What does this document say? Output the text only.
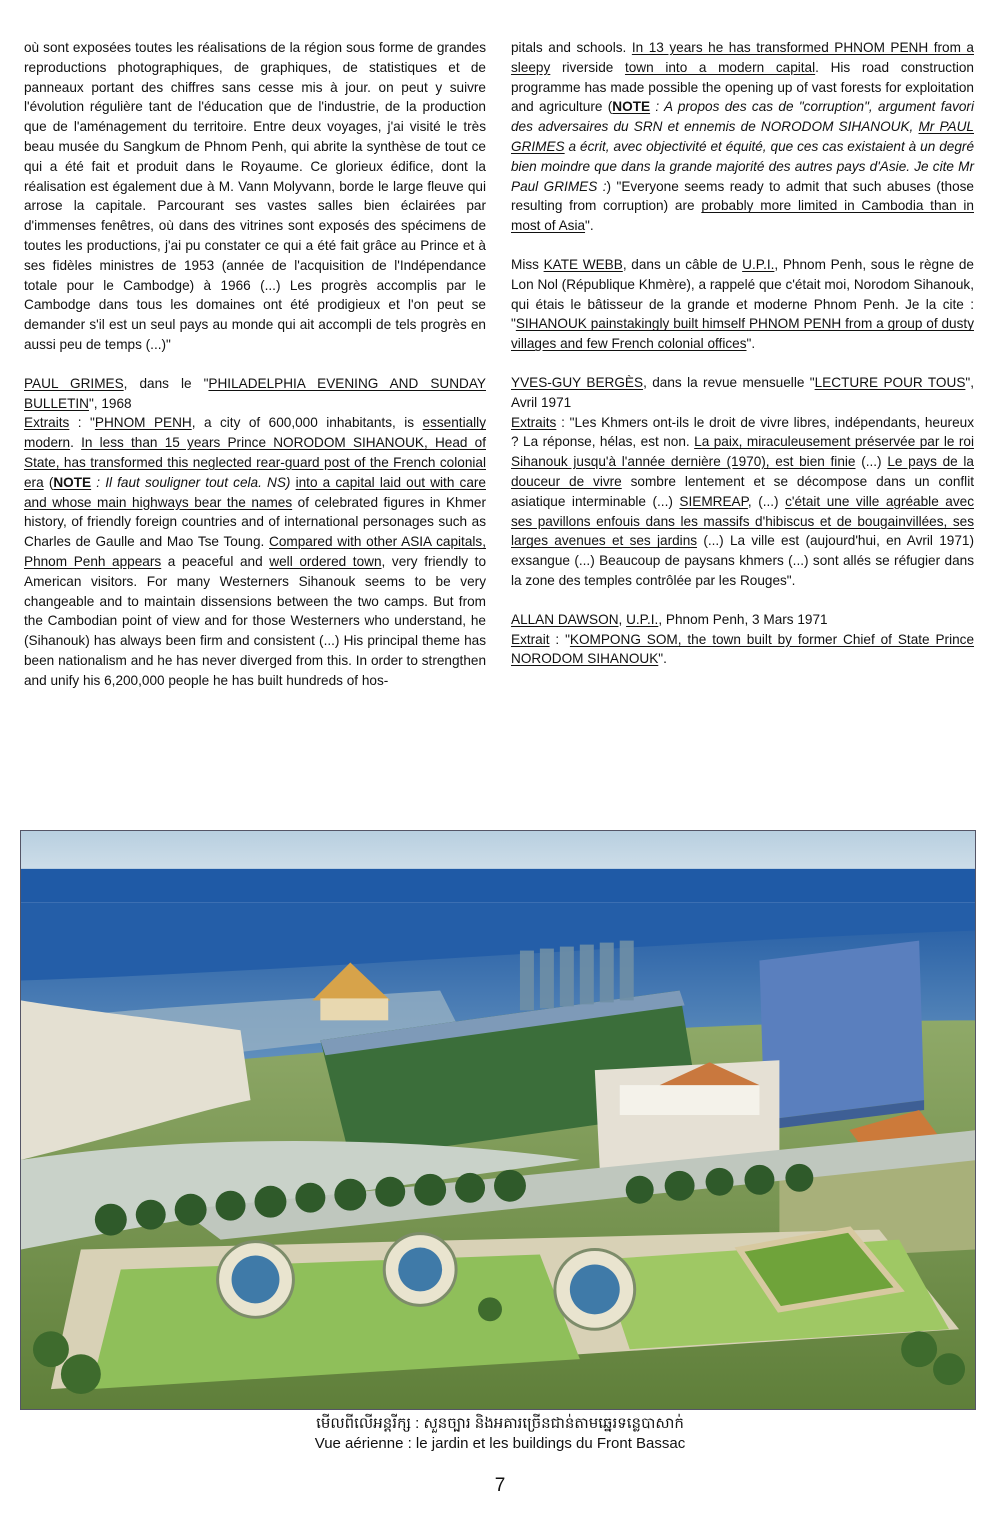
où sont exposées toutes les réalisations de la région sous forme de grandes reproductions photographiques, de graphiques, de statistiques et de panneaux portant des chiffres sans cesse mis à jour. on peut y suivre l'évolution régulière tant de l'éducation que de l'industrie, de la production que de l'aménagement du territoire. Entre deux voyages, j'ai visité le très beau musée du Sangkum de Phnom Penh, qui abrite la synthèse de tout ce qui a été fait et produit dans le Royaume. Ce glorieux édifice, dont la réalisation est également due à M. Vann Molyvann, borde le large fleuve qui arrose la capitale. Parcourant ses vastes salles bien éclairées par d'immenses fenêtres, où dans des vitrines sont exposés des spécimens de toutes les productions, j'ai pu constater ce qui a été fait grâce au Prince et à ses fidèles ministres de 1953 (année de l'acquisition de l'Indépendance totale pour le Cambodge) à 1966 (...) Les progrès accomplis par le Cambodge dans tous les domaines ont été prodigieux et l'on peut se demander s'il est un seul pays au monde qui ait accompli de tels progrès en aussi peu de temps (...)"

PAUL GRIMES, dans le "PHILADELPHIA EVENING AND SUNDAY BULLETIN", 1968
Extraits : "PHNOM PENH, a city of 600,000 inhabitants, is essentially modern. In less than 15 years Prince NORODOM SIHANOUK, Head of State, has transformed this neglected rear-guard post of the French colonial era (NOTE : Il faut souligner tout cela. NS) into a capital laid out with care and whose main highways bear the names of celebrated figures in Khmer history, of friendly foreign countries and of international personages such as Charles de Gaulle and Mao Tse Toung. Compared with other ASIA capitals, Phnom Penh appears a peaceful and well ordered town, very friendly to American visitors. For many Westerners Sihanouk seems to be very changeable and to maintain dissensions between the two camps. But from the Cambodian point of view and for those Westerners who understand, he (Sihanouk) has always been firm and consistent (...) His principal theme has been nationalism and he has never diverged from this. In order to strengthen and unify his 6,200,000 people he has built hundreds of hos-

pitals and schools. In 13 years he has transformed PHNOM PENH from a sleepy riverside town into a modern capital. His road construction programme has made possible the opening up of vast forests for exploitation and agriculture (NOTE : A propos des cas de "corruption", argument favori des adversaires du SRN et ennemis de NORODOM SIHANOUK, Mr PAUL GRIMES a écrit, avec objectivité et équité, que ces cas existaient à un degré bien moindre que dans la grande majorité des autres pays d'Asie. Je cite Mr Paul GRIMES :) "Everyone seems ready to admit that such abuses (those resulting from corruption) are probably more limited in Cambodia than in most of Asia".

Miss KATE WEBB, dans un câble de U.P.I., Phnom Penh, sous le règne de Lon Nol (République Khmère), a rappelé que c'était moi, Norodom Sihanouk, qui étais le bâtisseur de la grande et moderne Phnom Penh. Je la cite : "SIHANOUK painstakingly built himself PHNOM PENH from a group of dusty villages and few French colonial offices".

YVES-GUY BERGÈS, dans la revue mensuelle "LECTURE POUR TOUS", Avril 1971
Extraits : "Les Khmers ont-ils le droit de vivre libres, indépendants, heureux ? La réponse, hélas, est non. La paix, miraculeusement préservée par le roi Sihanouk jusqu'à l'année dernière (1970), est bien finie (...) Le pays de la douceur de vivre sombre lentement et se décompose dans un conflit asiatique interminable (...) SIEMREAP, (...) c'était une ville agréable avec ses pavillons enfouis dans les massifs d'hibiscus et de bougainvillées, ses larges avenues et ses jardins (...) La ville est (aujourd'hui, en Avril 1971) exsangue (...) Beaucoup de paysans khmers (...) sont allés se réfugier dans la zone des temples contrôlée par les Rouges".

ALLAN DAWSON, U.P.I., Phnom Penh, 3 Mars 1971
Extrait : "KOMPONG SOM, the town built by former Chief of State Prince NORODOM SIHANOUK".

មើលពីលើអន្តរីក្ស : សួនច្បារ និងអគារច្រើនជាន់តាមឆ្នេរទន្លេបាសាក់
Vue aérienne : le jardin et les buildings du Front Bassac
7
